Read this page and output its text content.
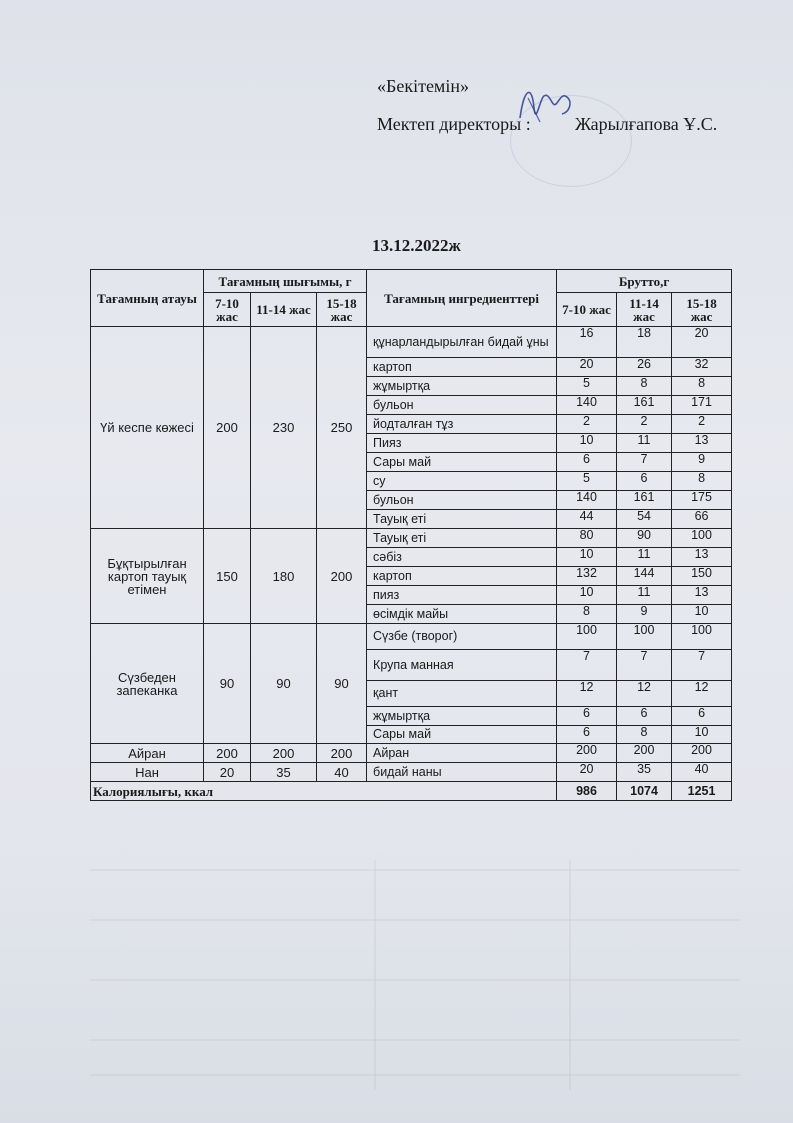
«Бекітемін»
Мектеп директоры : Жарылғапова Ұ.С.
13.12.2022ж
Тағамның атауы	Тағамның шығымы, г			Тағамның ингредиенттері	Брутто,г		
	7-10 жас	11-14 жас	15-18 жас		7-10 жас	11-14 жас	15-18 жас
Үй кеспе көжесі	200	230	250	құнарландырылған бидай ұны	16	18	20
				картоп	20	26	32
				жұмыртқа	5	8	8
				бульон	140	161	171
				йодталған тұз	2	2	2
				Пияз	10	11	13
				Сары май	6	7	9
				су	5	6	8
				бульон	140	161	175
				Тауық еті	44	54	66
Бұқтырылған картоп тауық етімен	150	180	200	Тауық еті	80	90	100
				сәбіз	10	11	13
				картоп	132	144	150
				пияз	10	11	13
				өсімдік майы	8	9	10
Сүзбеден запеканка	90	90	90	Сүзбе (творог)	100	100	100
				Крупа манная	7	7	7
				қант	12	12	12
				жұмыртқа	6	6	6
				Сары май	6	8	10
Айран	200	200	200	Айран	200	200	200
Нан	20	35	40	бидай наны	20	35	40
Калориялығы, ккал					986	1074	1251
